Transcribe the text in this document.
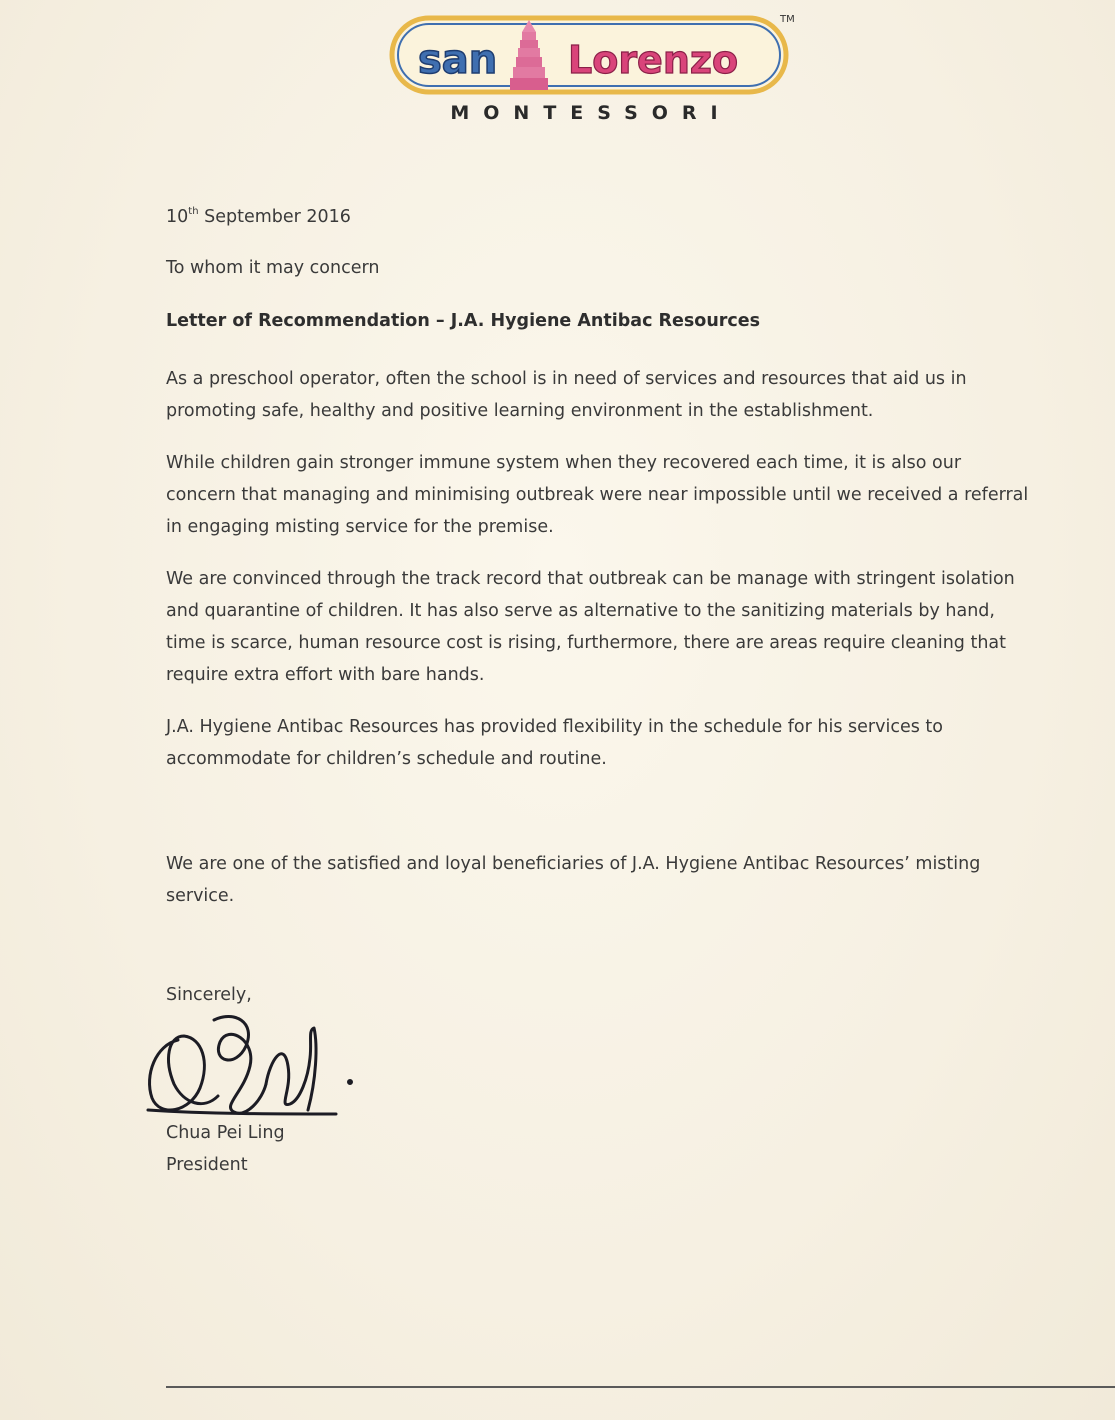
san Lorenzo
TM
MONTESSORI
10th September 2016
To whom it may concern
Letter of Recommendation – J.A. Hygiene Antibac Resources
As a preschool operator, often the school is in need of services and resources that aid us in promoting safe, healthy and positive learning environment in the establishment.
While children gain stronger immune system when they recovered each time, it is also our concern that managing and minimising outbreak were near impossible until we received a referral in engaging misting service for the premise.
We are convinced through the track record that outbreak can be manage with stringent isolation and quarantine of children. It has also serve as alternative to the sanitizing materials by hand, time is scarce, human resource cost is rising, furthermore, there are areas require cleaning that require extra effort with bare hands.
J.A. Hygiene Antibac Resources has provided flexibility in the schedule for his services to accommodate for children’s schedule and routine.
We are one of the satisfied and loyal beneficiaries of J.A. Hygiene Antibac Resources’ misting service.
Sincerely,
Chua Pei Ling
President
